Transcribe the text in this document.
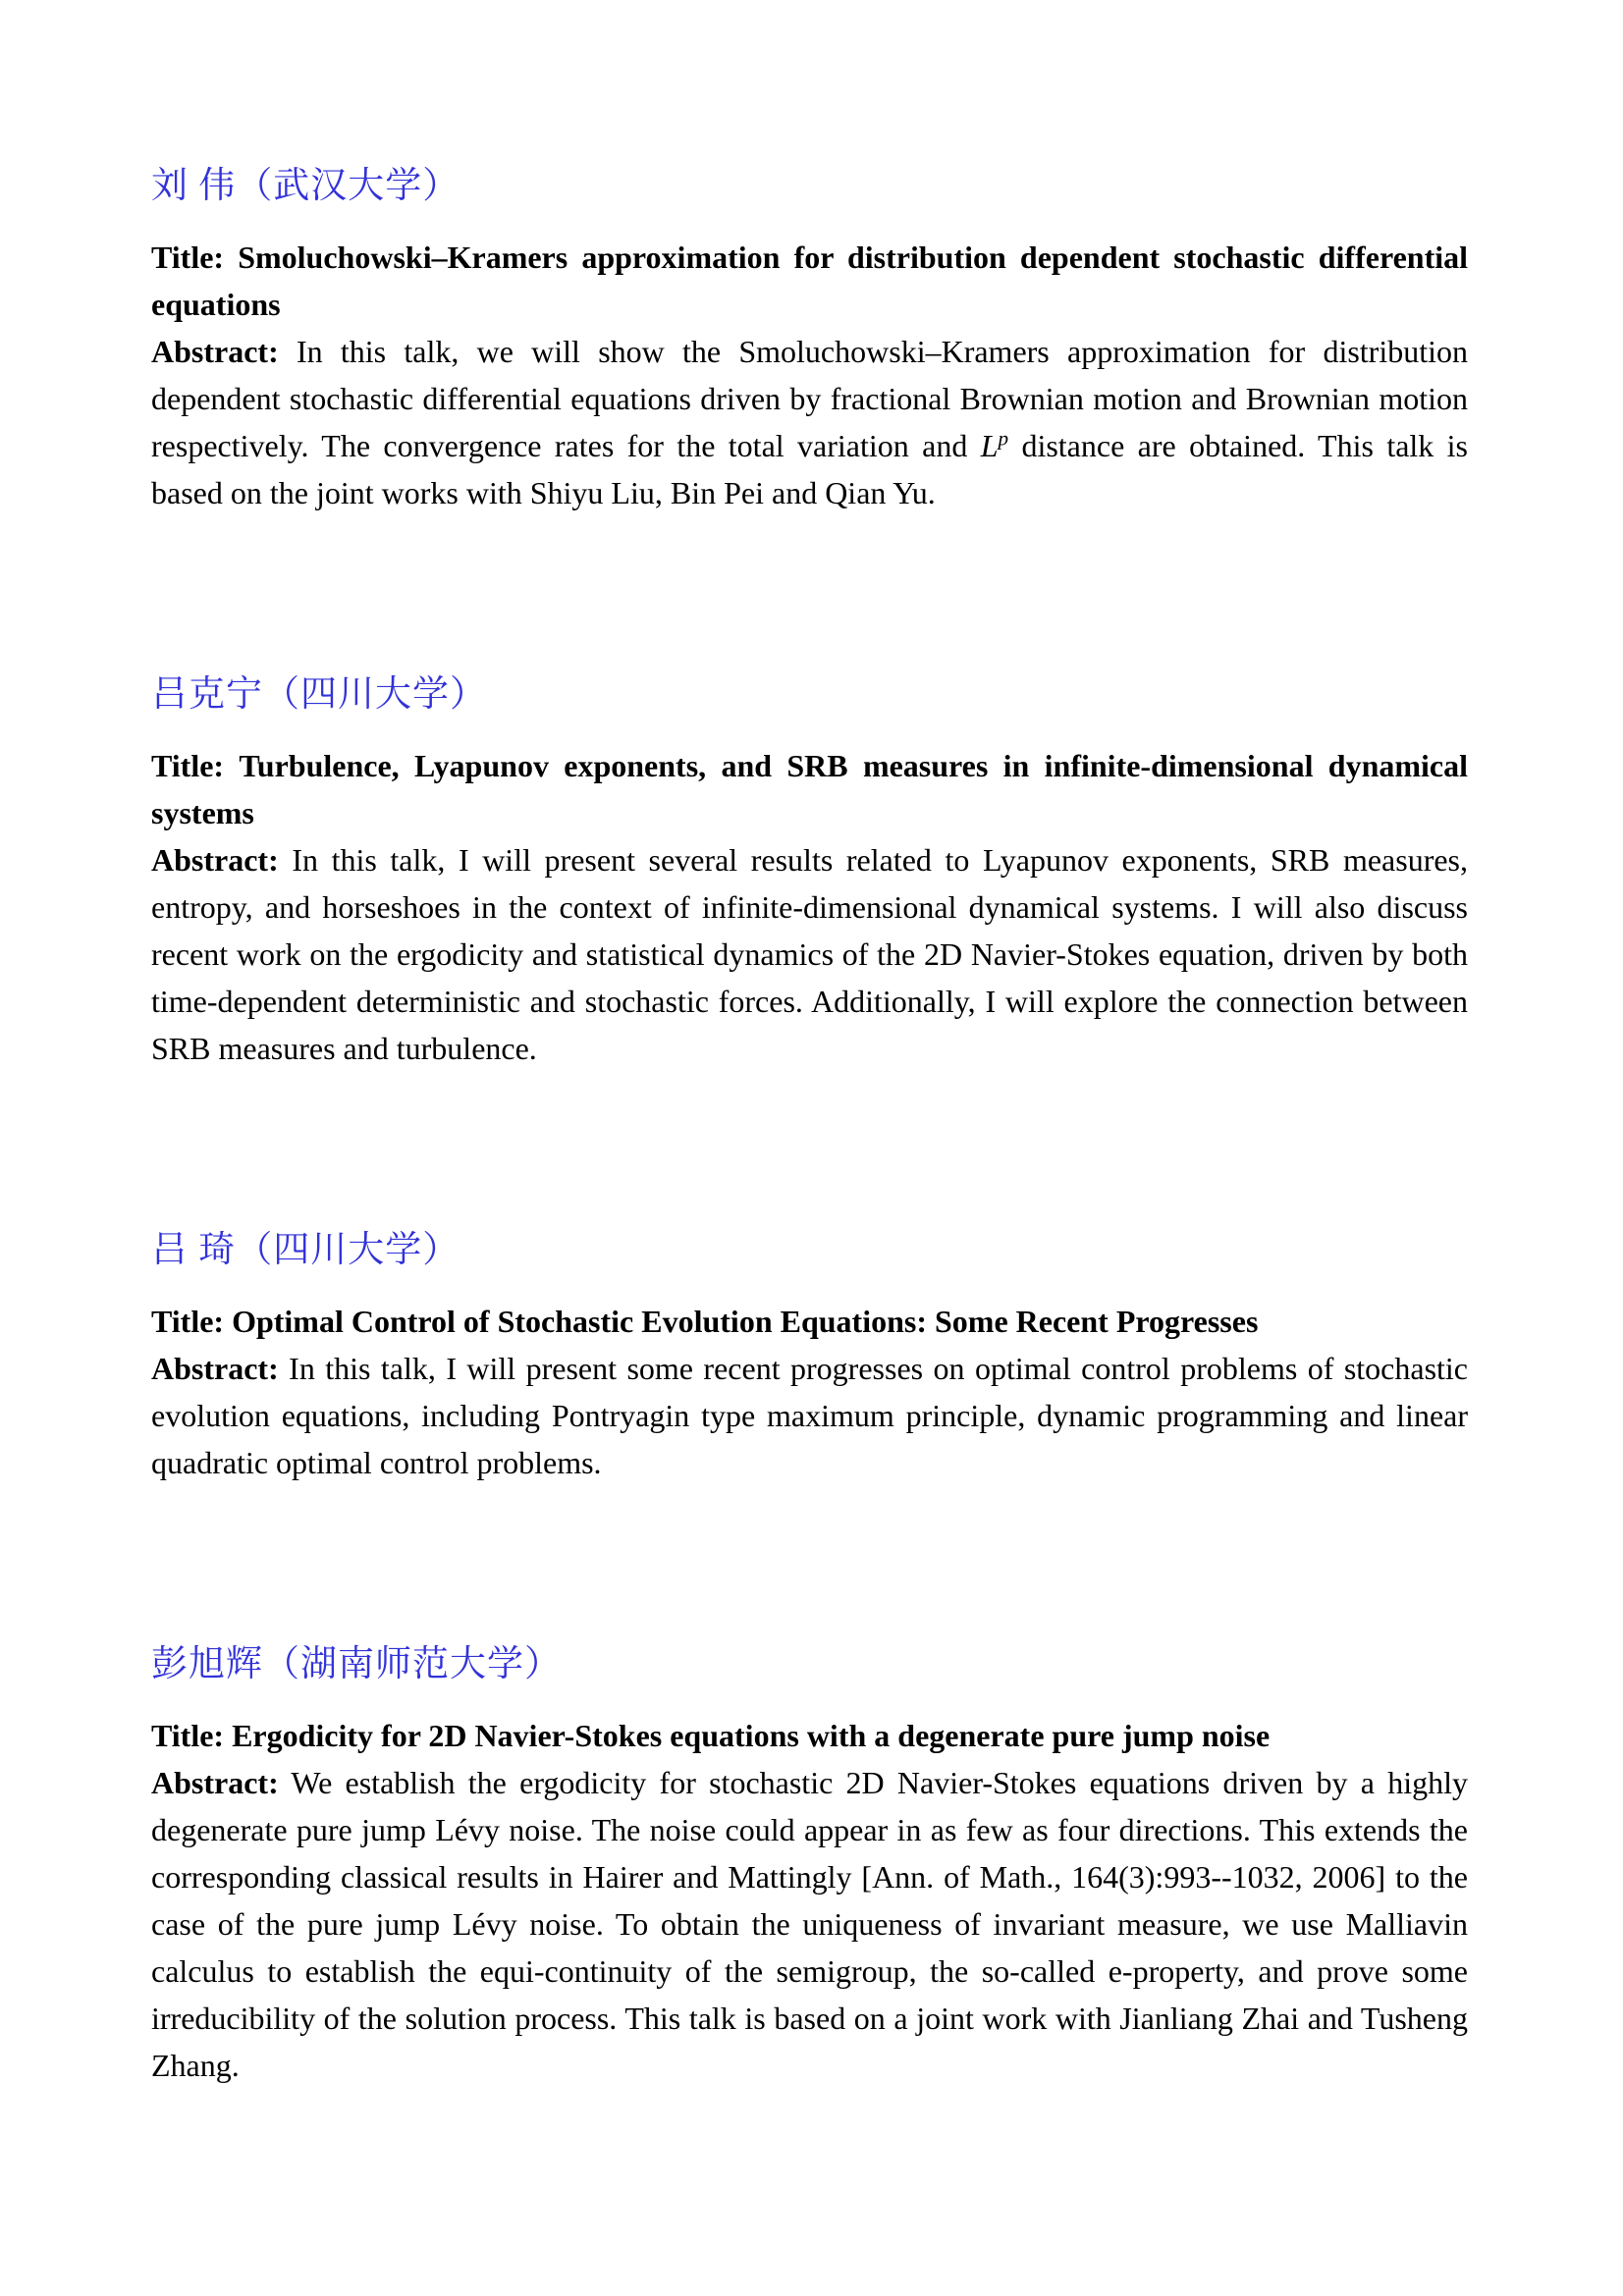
刘 伟（武汉大学）

Title: Smoluchowski–Kramers approximation for distribution dependent stochastic differential equations

Abstract: In this talk, we will show the Smoluchowski–Kramers approximation for distribution dependent stochastic differential equations driven by fractional Brownian motion and Brownian motion respectively. The convergence rates for the total variation and $L^p$ distance are obtained. This talk is based on the joint works with Shiyu Liu, Bin Pei and Qian Yu.

吕克宁（四川大学）

Title: Turbulence, Lyapunov exponents, and SRB measures in infinite-dimensional dynamical systems

Abstract: In this talk, I will present several results related to Lyapunov exponents, SRB measures, entropy, and horseshoes in the context of infinite-dimensional dynamical systems. I will also discuss recent work on the ergodicity and statistical dynamics of the 2D Navier-Stokes equation, driven by both time-dependent deterministic and stochastic forces. Additionally, I will explore the connection between SRB measures and turbulence.

吕 琦（四川大学）

Title: Optimal Control of Stochastic Evolution Equations: Some Recent Progresses

Abstract: In this talk, I will present some recent progresses on optimal control problems of stochastic evolution equations, including Pontryagin type maximum principle, dynamic programming and linear quadratic optimal control problems.

彭旭辉（湖南师范大学）

Title: Ergodicity for 2D Navier-Stokes equations with a degenerate pure jump noise

Abstract: We establish the ergodicity for stochastic 2D Navier-Stokes equations driven by a highly degenerate pure jump Lévy noise. The noise could appear in as few as four directions. This extends the corresponding classical results in Hairer and Mattingly [Ann. of Math., 164(3):993--1032, 2006] to the case of the pure jump Lévy noise. To obtain the uniqueness of invariant measure, we use Malliavin calculus to establish the equi-continuity of the semigroup, the so-called e-property, and prove some irreducibility of the solution process. This talk is based on a joint work with Jianliang Zhai and Tusheng Zhang.
